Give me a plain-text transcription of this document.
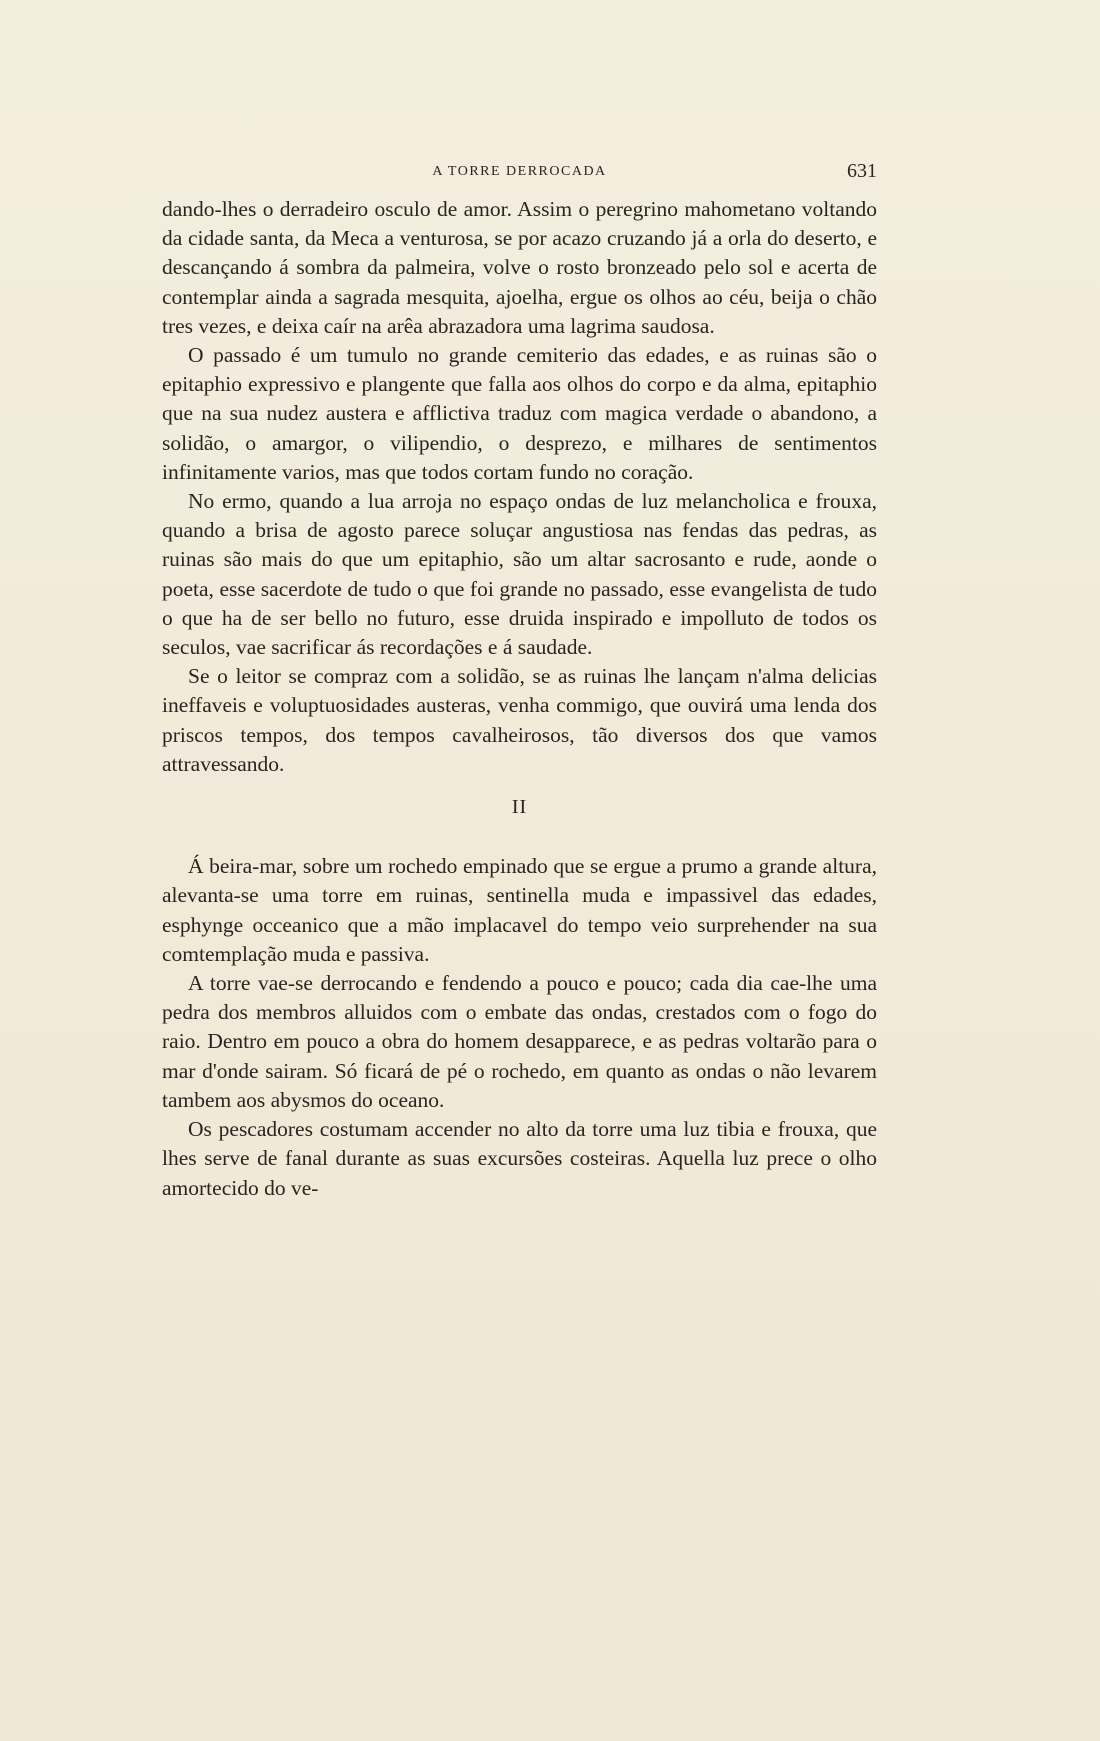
A TORRE DERROCADA	631

dando-lhes o derradeiro osculo de amor. Assim o peregrino mahometano voltando da cidade santa, da Meca a venturosa, se por acazo cruzando já a orla do deserto, e descançando á sombra da palmeira, volve o rosto bronzeado pelo sol e acerta de contemplar ainda a sagrada mesquita, ajoelha, ergue os olhos ao céu, beija o chão tres vezes, e deixa caír na arêa abrazadora uma lagrima saudosa.

O passado é um tumulo no grande cemiterio das edades, e as ruinas são o epitaphio expressivo e plangente que falla aos olhos do corpo e da alma, epitaphio que na sua nudez austera e afflictiva traduz com magica verdade o abandono, a solidão, o amargor, o vilipendio, o desprezo, e milhares de sentimentos infinitamente varios, mas que todos cortam fundo no coração.

No ermo, quando a lua arroja no espaço ondas de luz melancholica e frouxa, quando a brisa de agosto parece soluçar angustiosa nas fendas das pedras, as ruinas são mais do que um epitaphio, são um altar sacrosanto e rude, aonde o poeta, esse sacerdote de tudo o que foi grande no passado, esse evangelista de tudo o que ha de ser bello no futuro, esse druida inspirado e impolluto de todos os seculos, vae sacrificar ás recordações e á saudade.

Se o leitor se compraz com a solidão, se as ruinas lhe lançam n'alma delicias ineffaveis e voluptuosidades austeras, venha commigo, que ouvirá uma lenda dos priscos tempos, dos tempos cavalheirosos, tão diversos dos que vamos attravessando.

II

Á beira-mar, sobre um rochedo empinado que se ergue a prumo a grande altura, alevanta-se uma torre em ruinas, sentinella muda e impassivel das edades, esphynge occeanico que a mão implacavel do tempo veio surprehender na sua comtemplação muda e passiva.

A torre vae-se derrocando e fendendo a pouco e pouco; cada dia cae-lhe uma pedra dos membros alluidos com o embate das ondas, crestados com o fogo do raio. Dentro em pouco a obra do homem desapparece, e as pedras voltarão para o mar d'onde sairam. Só ficará de pé o rochedo, em quanto as ondas o não levarem tambem aos abysmos do oceano.

Os pescadores costumam accender no alto da torre uma luz tibia e frouxa, que lhes serve de fanal durante as suas excursões costeiras. Aquella luz prece o olho amortecido do ve-
